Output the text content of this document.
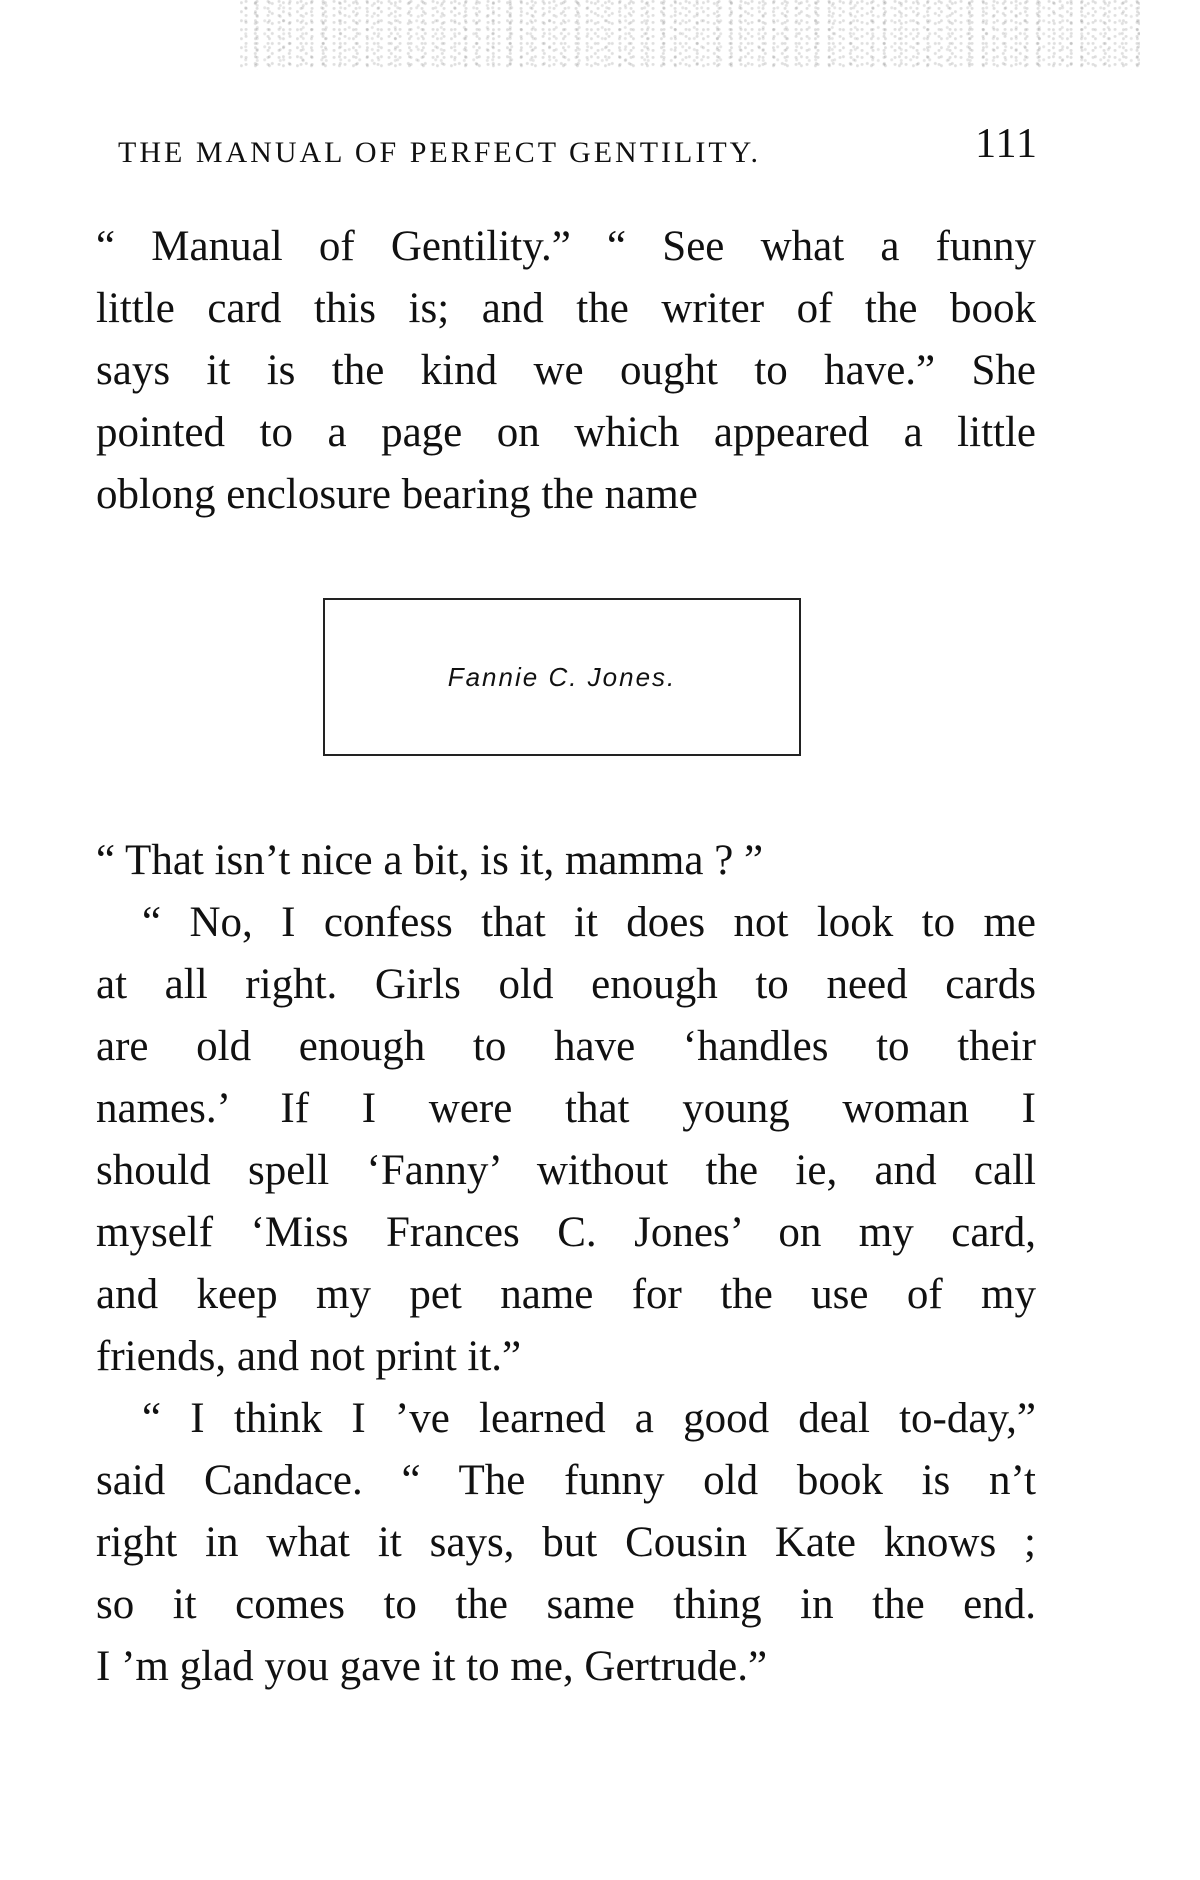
THE MANUAL OF PERFECT GENTILITY.	111
“ Manual of Gentility.” “ See what a funny
little card this is; and the writer of the book
says it is the kind we ought to have.” She
pointed to a page on which appeared a little
oblong enclosure bearing the name
Fannie C. Jones.
“ That isn’t nice a bit, is it, mamma ? ”
“ No, I confess that it does not look to me
at all right. Girls old enough to need cards
are old enough to have ‘handles to their
names.’ If I were that young woman I
should spell ‘Fanny’ without the ie, and call
myself ‘Miss Frances C. Jones’ on my card,
and keep my pet name for the use of my
friends, and not print it.”
“ I think I ’ve learned a good deal to-day,”
said Candace. “ The funny old book is n’t
right in what it says, but Cousin Kate knows ;
so it comes to the same thing in the end.
I ’m glad you gave it to me, Gertrude.”
